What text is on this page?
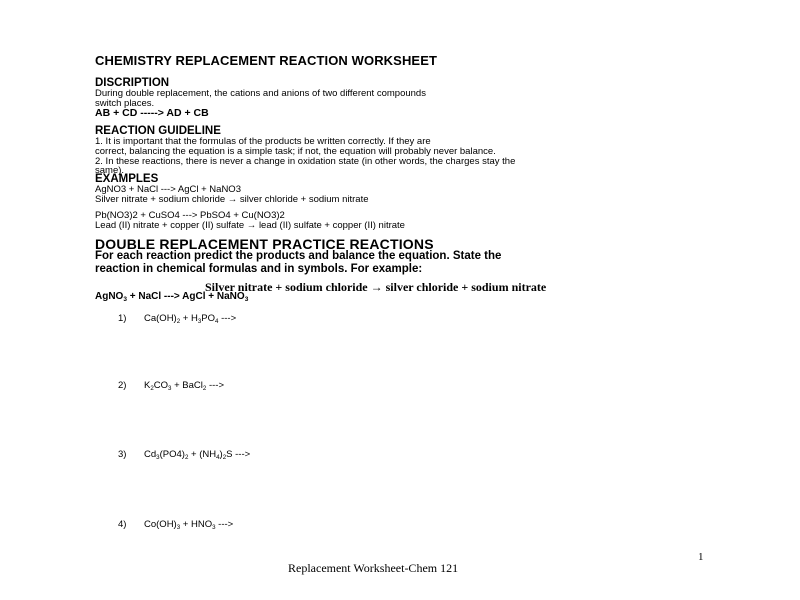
CHEMISTRY REPLACEMENT REACTION WORKSHEET
DISCRIPTION
During double replacement, the cations and anions of two different compounds
switch places.
AB + CD -----> AD + CB
REACTION GUIDELINE
1. It is important that the formulas of the products be written correctly. If they are
correct, balancing the equation is a simple task; if not, the equation will probably never balance.
2. In these reactions, there is never a change in oxidation state (in other words, the charges stay the
same).
EXAMPLES
AgNO3 + NaCl ---> AgCl + NaNO3
Silver nitrate + sodium chloride → silver chloride + sodium nitrate
Pb(NO3)2 + CuSO4 ---> PbSO4 + Cu(NO3)2
Lead (II) nitrate + copper (II) sulfate → lead (II) sulfate + copper (II) nitrate
DOUBLE REPLACEMENT PRACTICE REACTIONS
For each reaction predict the products and balance the equation. State the
reaction in chemical formulas and in symbols. For example:
Silver nitrate + sodium chloride → silver chloride + sodium nitrate
AgNO$_3$ + NaCl ---> AgCl + NaNO$_3$
1) $Ca(OH)_2 + H_3PO_4$ --->
2) $K_2CO_3$ + BaCl$_2$ --->
3) $Cd_3(PO4)_2 + (NH_4)_2S$ --->
4) $Co(OH)_3 + HNO_3$ --->
1
Replacement Worksheet-Chem 121
